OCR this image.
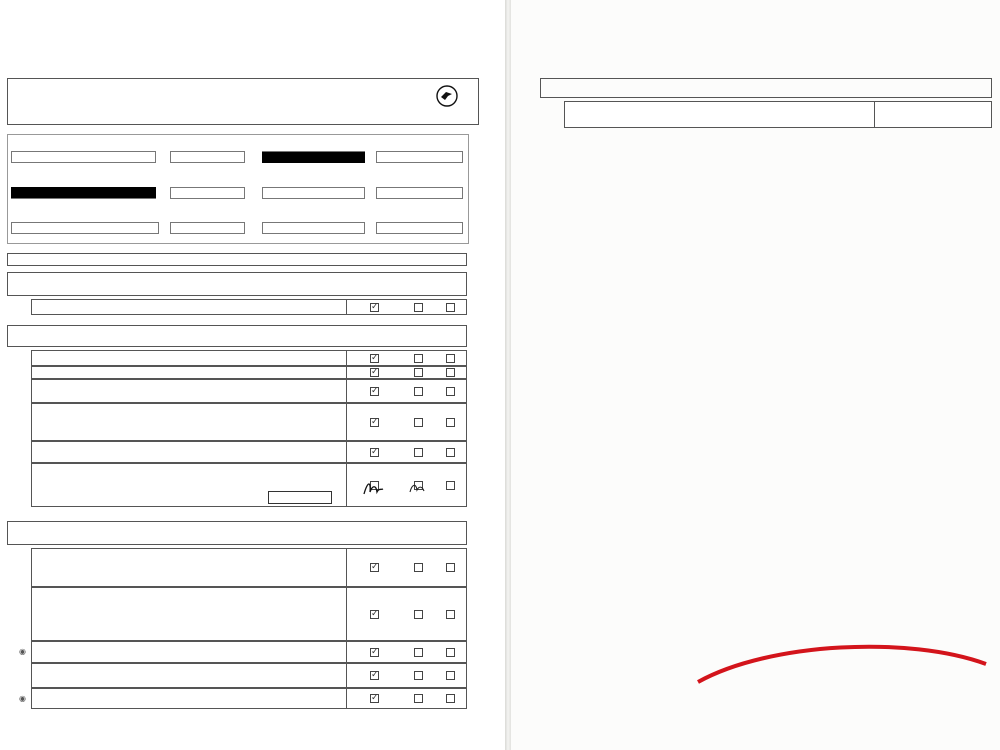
✓
✓
✓
✓
✓
✓
✓
✓
◉	✓
✓
◉	✓
